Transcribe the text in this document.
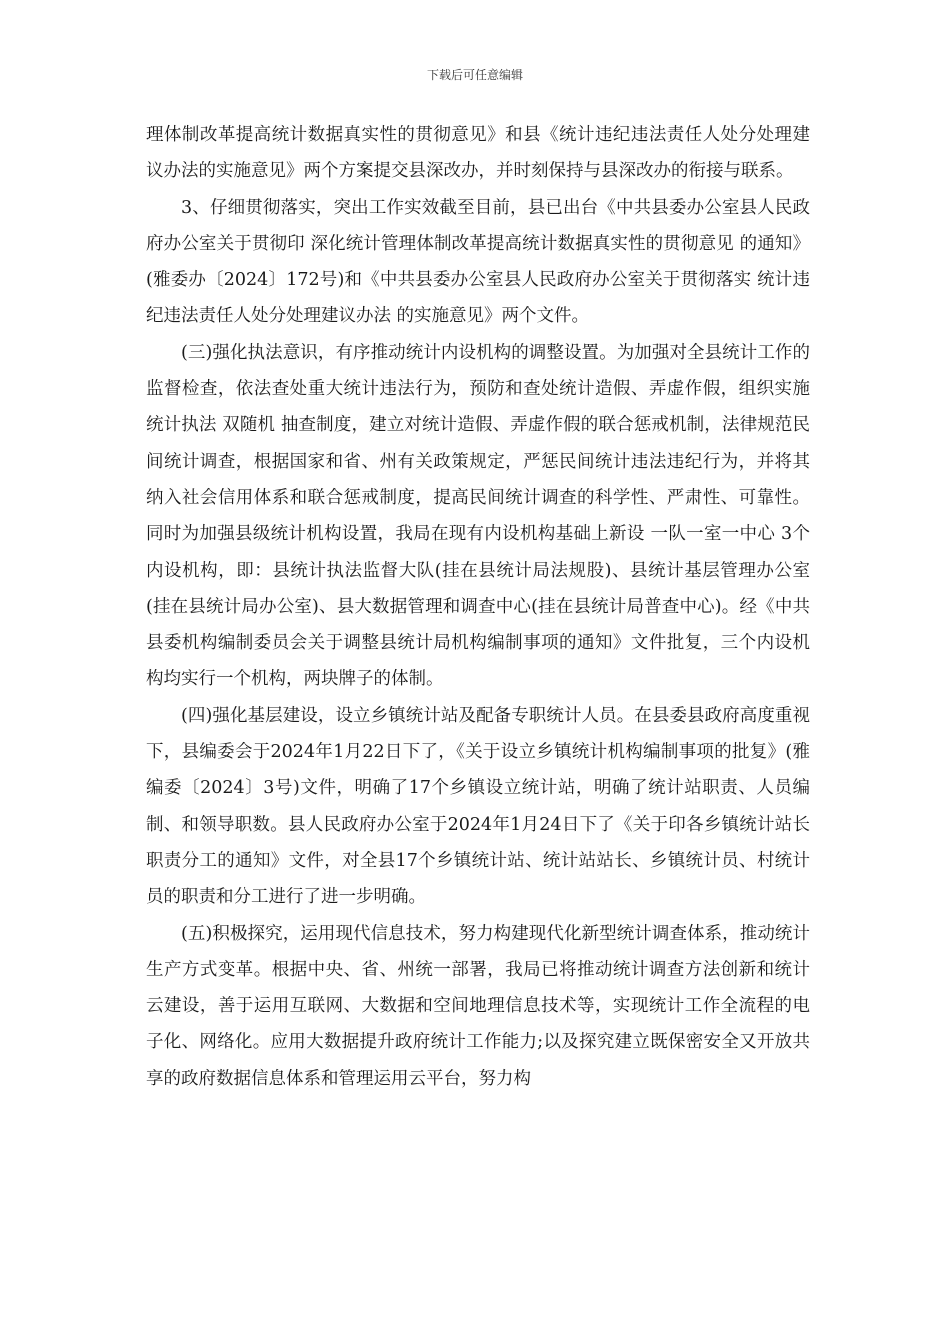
下载后可任意编辑

理体制改革提高统计数据真实性的贯彻意见》和县《统计违纪违法责任人处分处理建议办法的实施意见》两个方案提交县深改办，并时刻保持与县深改办的衔接与联系。

3、仔细贯彻落实，突出工作实效截至目前，县已出台《中共县委办公室县人民政府办公室关于贯彻印 深化统计管理体制改革提高统计数据真实性的贯彻意见 的通知》(雅委办〔2024〕172号)和《中共县委办公室县人民政府办公室关于贯彻落实 统计违纪违法责任人处分处理建议办法 的实施意见》两个文件。

(三)强化执法意识，有序推动统计内设机构的调整设置。为加强对全县统计工作的监督检查，依法查处重大统计违法行为，预防和查处统计造假、弄虚作假，组织实施统计执法 双随机 抽查制度，建立对统计造假、弄虚作假的联合惩戒机制，法律规范民间统计调查，根据国家和省、州有关政策规定，严惩民间统计违法违纪行为，并将其纳入社会信用体系和联合惩戒制度，提高民间统计调查的科学性、严肃性、可靠性。同时为加强县级统计机构设置，我局在现有内设机构基础上新设 一队一室一中心 3个内设机构，即：县统计执法监督大队(挂在县统计局法规股)、县统计基层管理办公室(挂在县统计局办公室)、县大数据管理和调查中心(挂在县统计局普查中心)。经《中共县委机构编制委员会关于调整县统计局机构编制事项的通知》文件批复，三个内设机构均实行一个机构，两块牌子的体制。

(四)强化基层建设，设立乡镇统计站及配备专职统计人员。在县委县政府高度重视下，县编委会于2024年1月22日下了，《关于设立乡镇统计机构编制事项的批复》(雅编委〔2024〕3号)文件，明确了17个乡镇设立统计站，明确了统计站职责、人员编制、和领导职数。县人民政府办公室于2024年1月24日下了《关于印各乡镇统计站长职责分工的通知》文件，对全县17个乡镇统计站、统计站站长、乡镇统计员、村统计员的职责和分工进行了进一步明确。

(五)积极探究，运用现代信息技术，努力构建现代化新型统计调查体系，推动统计生产方式变革。根据中央、省、州统一部署，我局已将推动统计调查方法创新和统计云建设，善于运用互联网、大数据和空间地理信息技术等，实现统计工作全流程的电子化、网络化。应用大数据提升政府统计工作能力;以及探究建立既保密安全又开放共享的政府数据信息体系和管理运用云平台，努力构
